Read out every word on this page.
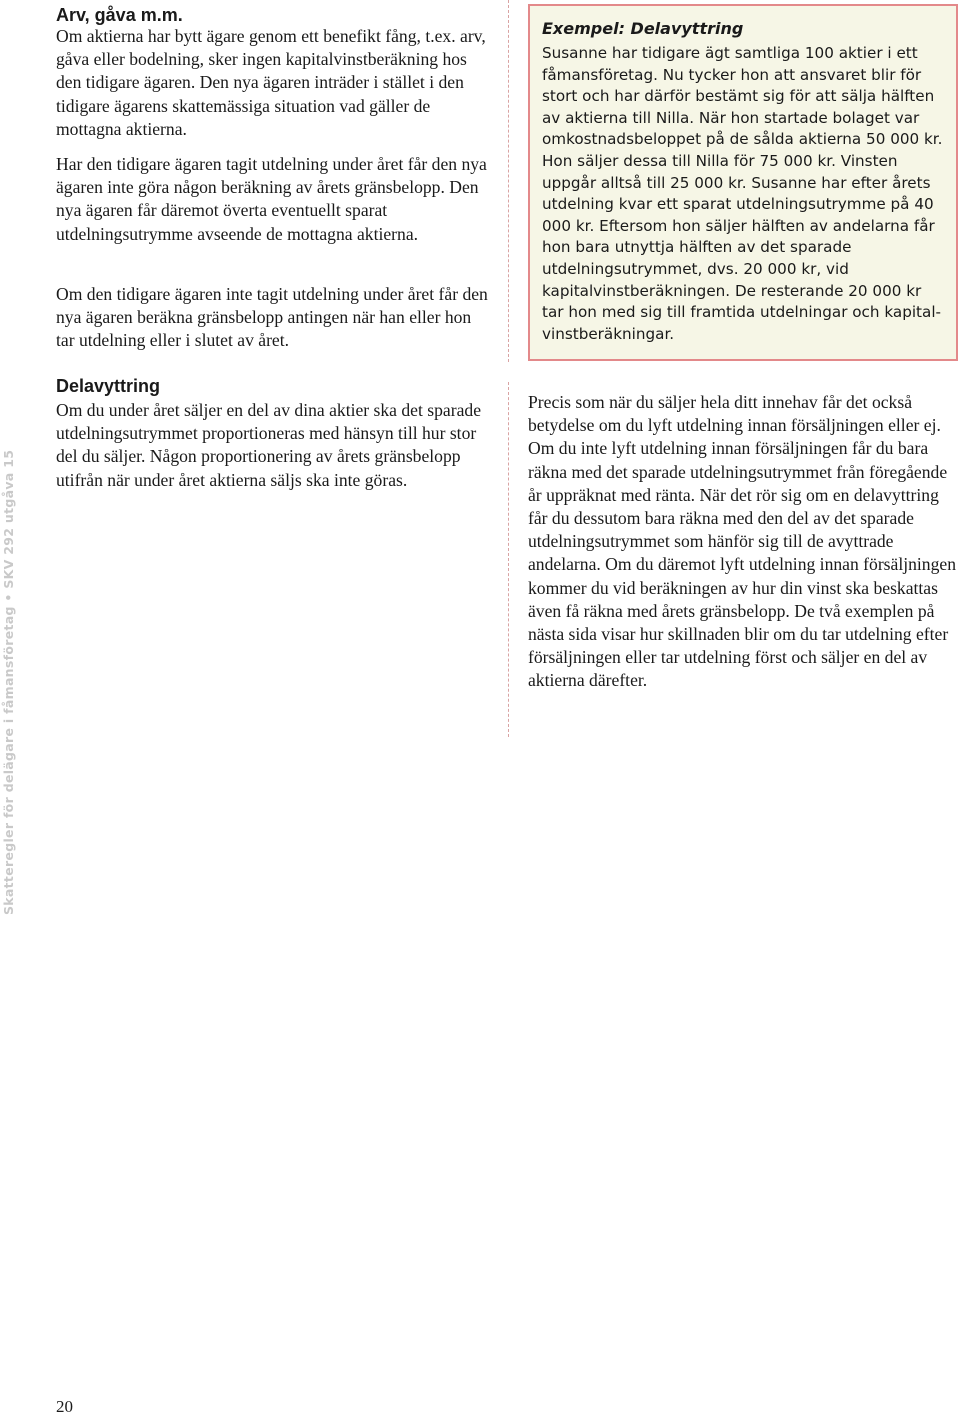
Skatteregler för delägare i fåmansföretag • SKV 292 utgåva 15
Arv, gåva m.m.

Om aktierna har bytt ägare genom ett benefikt fång, t.ex. arv, gåva eller bodelning, sker ingen kapitalvinstberäkning hos den tidigare ägaren. Den nya ägaren inträder i stället i den tidigare ägarens skattemässiga situation vad gäller de mottagna aktierna.

Har den tidigare ägaren tagit utdelning under året får den nya ägaren inte göra någon beräkning av årets gränsbelopp. Den nya ägaren får däremot överta eventuellt sparat utdelningsutrymme avseende de mottagna aktierna.

Om den tidigare ägaren inte tagit utdelning under året får den nya ägaren beräkna gränsbelopp antingen när han eller hon tar utdelning eller i slutet av året.

Delavyttring

Om du under året säljer en del av dina aktier ska det sparade utdelningsutrymmet proportioneras med hänsyn till hur stor del du säljer. Någon proportionering av årets gränsbelopp utifrån när under året aktierna säljs ska inte göras.

Exempel: Delavyttring

Susanne har tidigare ägt samtliga 100 aktier i ett fåmansföretag. Nu tycker hon att ansvaret blir för stort och har därför bestämt sig för att sälja hälften av aktierna till Nilla. När hon startade bolaget var omkostnadsbeloppet på de sålda aktierna 50 000 kr. Hon säljer dessa till Nilla för 75 000 kr. Vinsten uppgår alltså till 25 000 kr. Susanne har efter årets utdelning kvar ett sparat utdelningsutrymme på 40 000 kr. Eftersom hon säljer hälften av andelarna får hon bara utnyttja hälften av det sparade utdelningsutrymmet, dvs. 20 000 kr, vid kapitalvinstberäkningen. De resterande 20 000 kr tar hon med sig till framtida utdelningar och kapitalvinstberäkningar.

Precis som när du säljer hela ditt innehav får det också betydelse om du lyft utdelning innan försäljningen eller ej. Om du inte lyft utdelning innan försäljningen får du bara räkna med det sparade utdelningsutrymmet från föregående år uppräknat med ränta. När det rör sig om en delavyttring får du dessutom bara räkna med den del av det sparade utdelningsutrymmet som hänför sig till de avyttrade andelarna. Om du däremot lyft utdelning innan försäljningen kommer du vid beräkningen av hur din vinst ska beskattas även få räkna med årets gränsbelopp. De två exemplen på nästa sida visar hur skillnaden blir om du tar utdelning efter försäljningen eller tar utdelning först och säljer en del av aktierna därefter.

20
